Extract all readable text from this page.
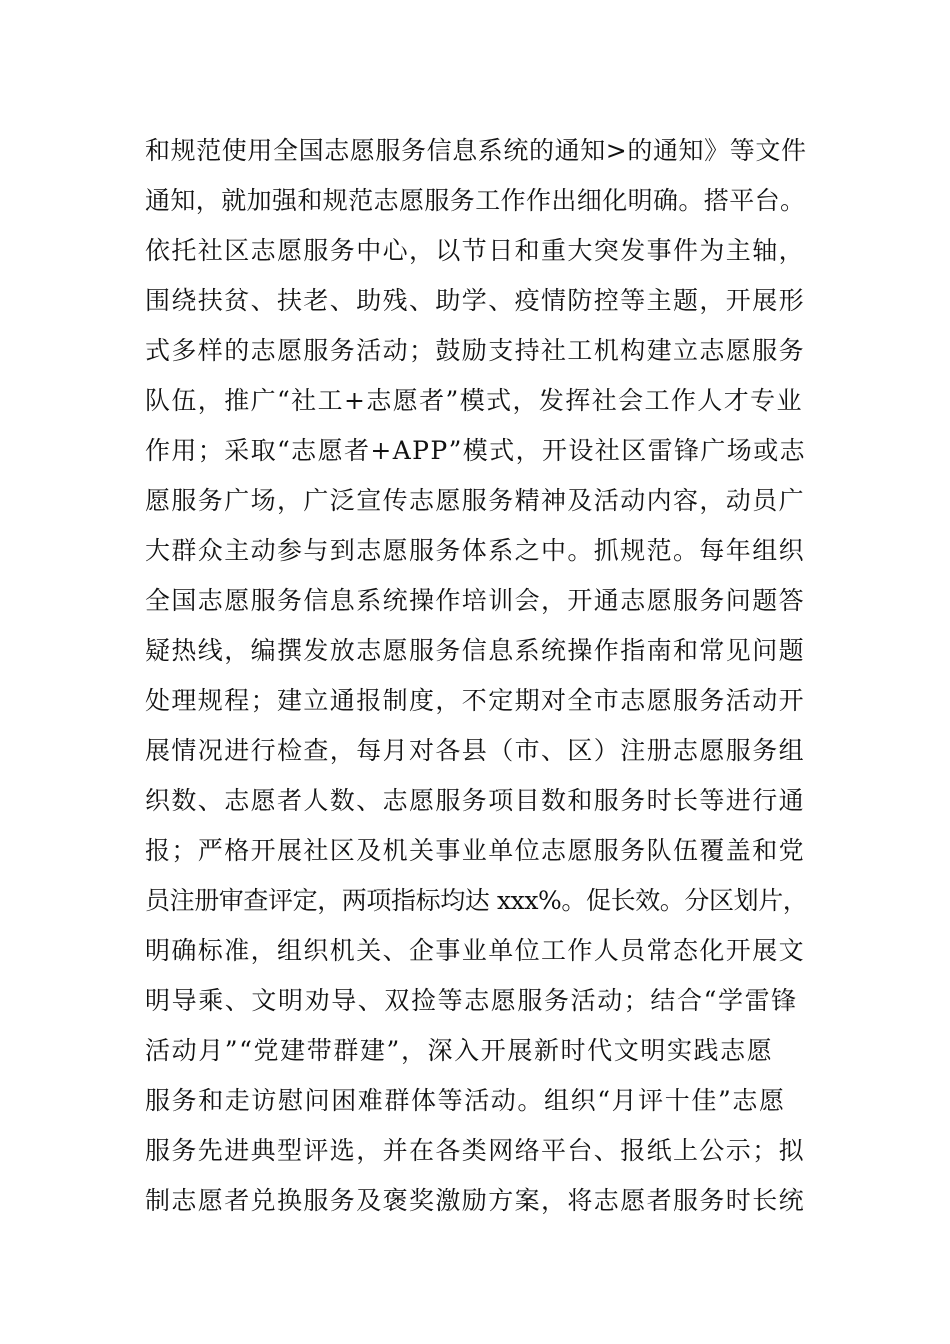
和规范使用全国志愿服务信息系统的通知>的通知》等文件
通知，就加强和规范志愿服务工作作出细化明确。搭平台。
依托社区志愿服务中心，以节日和重大突发事件为主轴，
围绕扶贫、扶老、助残、助学、疫情防控等主题，开展形
式多样的志愿服务活动；鼓励支持社工机构建立志愿服务
队伍，推广“社工+志愿者”模式，发挥社会工作人才专业
作用；采取“志愿者+APP”模式，开设社区雷锋广场或志
愿服务广场，广泛宣传志愿服务精神及活动内容，动员广
大群众主动参与到志愿服务体系之中。抓规范。每年组织
全国志愿服务信息系统操作培训会，开通志愿服务问题答
疑热线，编撰发放志愿服务信息系统操作指南和常见问题
处理规程；建立通报制度，不定期对全市志愿服务活动开
展情况进行检查，每月对各县（市、区）注册志愿服务组
织数、志愿者人数、志愿服务项目数和服务时长等进行通
报；严格开展社区及机关事业单位志愿服务队伍覆盖和党
员注册审查评定，两项指标均达 xxx%。促长效。分区划片，
明确标准，组织机关、企事业单位工作人员常态化开展文
明导乘、文明劝导、双捡等志愿服务活动；结合“学雷锋
活动月”“党建带群建”，深入开展新时代文明实践志愿
服务和走访慰问困难群体等活动。组织“月评十佳”志愿
服务先进典型评选，并在各类网络平台、报纸上公示；拟
制志愿者兑换服务及褒奖激励方案，将志愿者服务时长统
